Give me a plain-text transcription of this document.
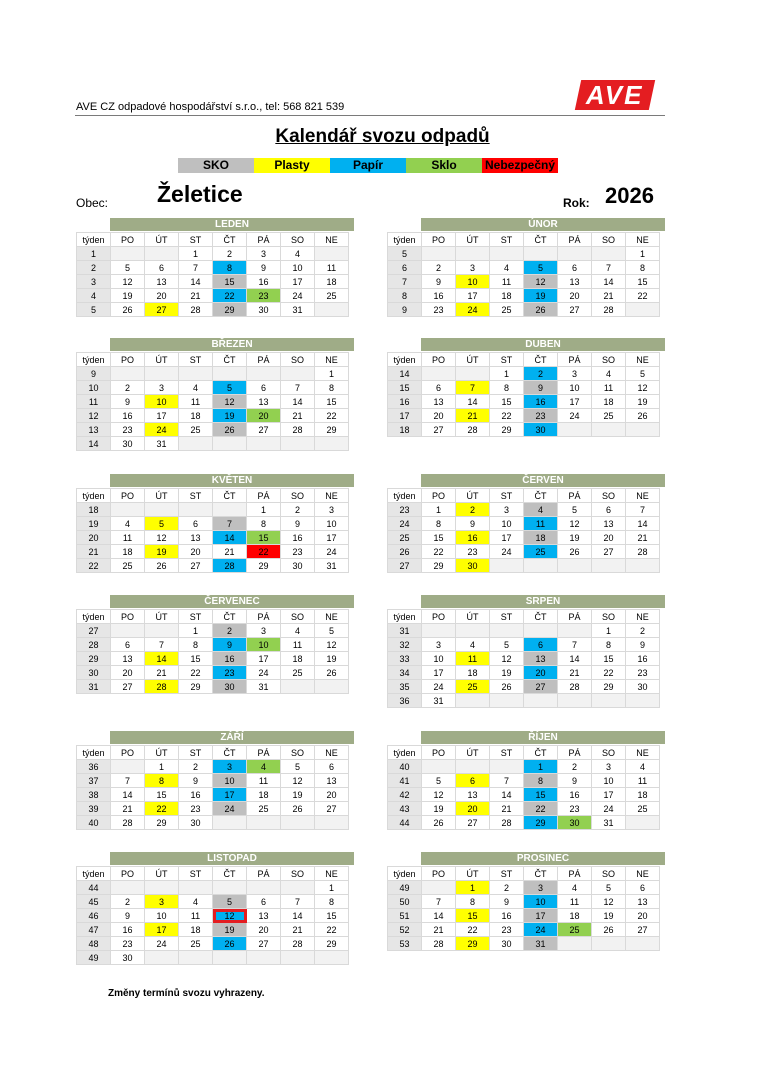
AVE CZ odpadové hospodářství s.r.o., tel: 568 821 539	AVE
Kalendář svozu odpadů
SKO	Plasty	Papír	Sklo	Nebezpečný
Obec: Želetice	Rok: 2026
LEDEN
týden	PO	ÚT	ST	ČT	PÁ	SO	NE
1			1	2	3	4	
2	5	6	7	8	9	10	11
3	12	13	14	15	16	17	18
4	19	20	21	22	23	24	25
5	26	27	28	29	30	31	
ÚNOR
týden	PO	ÚT	ST	ČT	PÁ	SO	NE
5							1
6	2	3	4	5	6	7	8
7	9	10	11	12	13	14	15
8	16	17	18	19	20	21	22
9	23	24	25	26	27	28	
BŘEZEN
týden	PO	ÚT	ST	ČT	PÁ	SO	NE
9							1
10	2	3	4	5	6	7	8
11	9	10	11	12	13	14	15
12	16	17	18	19	20	21	22
13	23	24	25	26	27	28	29
14	30	31					
DUBEN
týden	PO	ÚT	ST	ČT	PÁ	SO	NE
14			1	2	3	4	5
15	6	7	8	9	10	11	12
16	13	14	15	16	17	18	19
17	20	21	22	23	24	25	26
18	27	28	29	30			
KVĚTEN
týden	PO	ÚT	ST	ČT	PÁ	SO	NE
18					1	2	3
19	4	5	6	7	8	9	10
20	11	12	13	14	15	16	17
21	18	19	20	21	22	23	24
22	25	26	27	28	29	30	31
ČERVEN
týden	PO	ÚT	ST	ČT	PÁ	SO	NE
23	1	2	3	4	5	6	7
24	8	9	10	11	12	13	14
25	15	16	17	18	19	20	21
26	22	23	24	25	26	27	28
27	29	30					
ČERVENEC
týden	PO	ÚT	ST	ČT	PÁ	SO	NE
27			1	2	3	4	5
28	6	7	8	9	10	11	12
29	13	14	15	16	17	18	19
30	20	21	22	23	24	25	26
31	27	28	29	30	31		
SRPEN
týden	PO	ÚT	ST	ČT	PÁ	SO	NE
31						1	2
32	3	4	5	6	7	8	9
33	10	11	12	13	14	15	16
34	17	18	19	20	21	22	23
35	24	25	26	27	28	29	30
36	31						
ZÁŘÍ
týden	PO	ÚT	ST	ČT	PÁ	SO	NE
36		1	2	3	4	5	6
37	7	8	9	10	11	12	13
38	14	15	16	17	18	19	20
39	21	22	23	24	25	26	27
40	28	29	30				
ŘÍJEN
týden	PO	ÚT	ST	ČT	PÁ	SO	NE
40				1	2	3	4
41	5	6	7	8	9	10	11
42	12	13	14	15	16	17	18
43	19	20	21	22	23	24	25
44	26	27	28	29	30	31	
LISTOPAD
týden	PO	ÚT	ST	ČT	PÁ	SO	NE
44							1
45	2	3	4	5	6	7	8
46	9	10	11	12	13	14	15
47	16	17	18	19	20	21	22
48	23	24	25	26	27	28	29
49	30						
PROSINEC
týden	PO	ÚT	ST	ČT	PÁ	SO	NE
49		1	2	3	4	5	6
50	7	8	9	10	11	12	13
51	14	15	16	17	18	19	20
52	21	22	23	24	25	26	27
53	28	29	30	31			
Změny termínů svozu vyhrazeny.
